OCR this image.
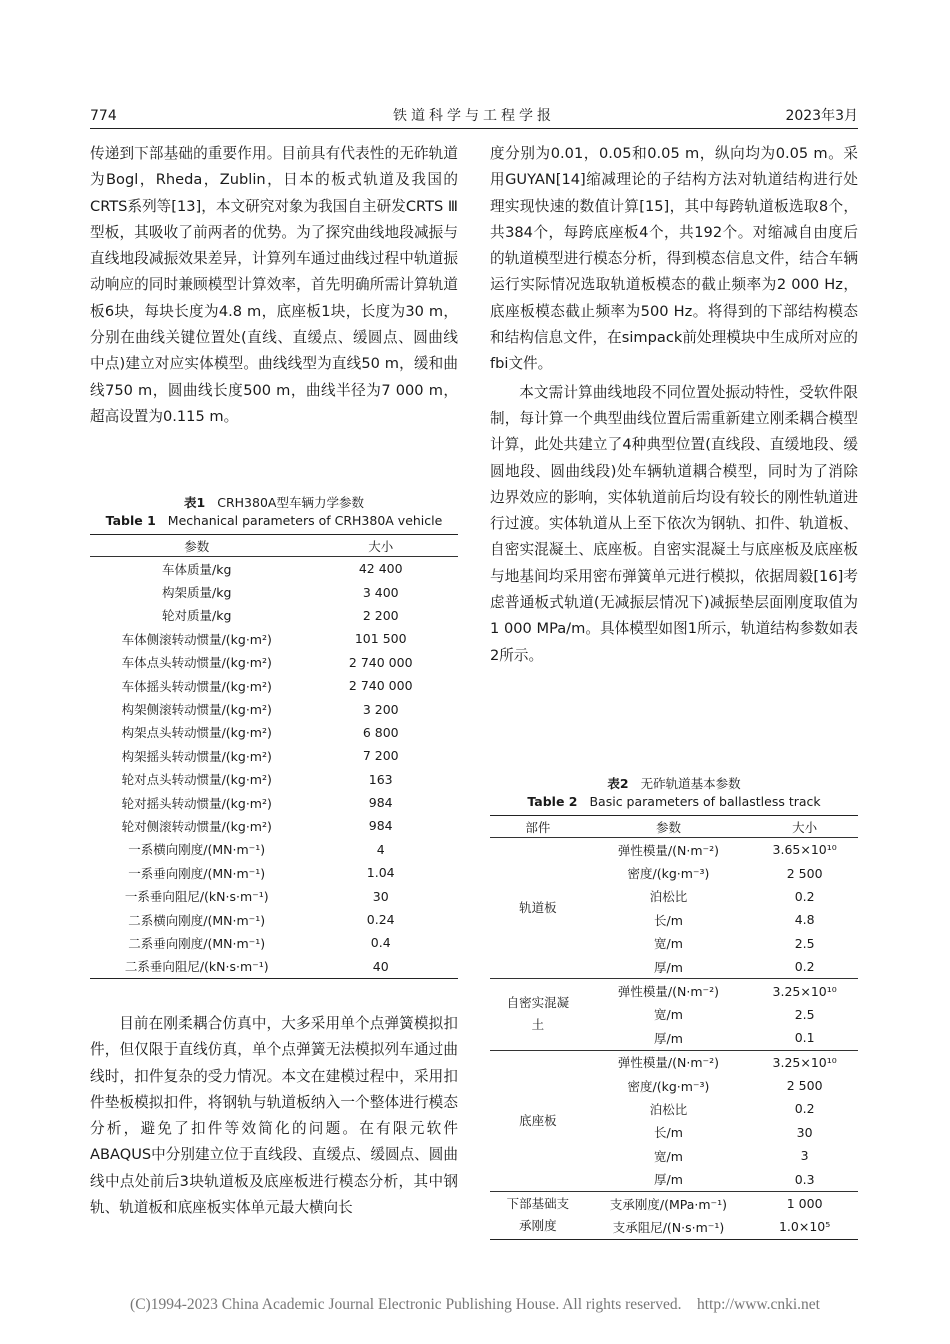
774	铁道科学与工程学报	2023年3月

传递到下部基础的重要作用。目前具有代表性的无砟轨道为Bogl，Rheda，Zublin，日本的板式轨道及我国的CRTS系列等[13]，本文研究对象为我国自主研发CRTS Ⅲ型板，其吸收了前两者的优势。为了探究曲线地段减振与直线地段减振效果差异，计算列车通过曲线过程中轨道振动响应的同时兼顾模型计算效率，首先明确所需计算轨道板6块，每块长度为4.8 m，底座板1块，长度为30 m，分别在曲线关键位置处(直线、直缓点、缓圆点、圆曲线中点)建立对应实体模型。曲线线型为直线50 m，缓和曲线750 m，圆曲线长度500 m，曲线半径为7 000 m，超高设置为0.115 m。

表1 CRH380A型车辆力学参数
Table 1 Mechanical parameters of CRH380A vehicle
参数	大小
车体质量/kg	42 400
构架质量/kg	3 400
轮对质量/kg	2 200
车体侧滚转动惯量/(kg·m²)	101 500
车体点头转动惯量/(kg·m²)	2 740 000
车体摇头转动惯量/(kg·m²)	2 740 000
构架侧滚转动惯量/(kg·m²)	3 200
构架点头转动惯量/(kg·m²)	6 800
构架摇头转动惯量/(kg·m²)	7 200
轮对点头转动惯量/(kg·m²)	163
轮对摇头转动惯量/(kg·m²)	984
轮对侧滚转动惯量/(kg·m²)	984
一系横向刚度/(MN·m⁻¹)	4
一系垂向刚度/(MN·m⁻¹)	1.04
一系垂向阻尼/(kN·s·m⁻¹)	30
二系横向刚度/(MN·m⁻¹)	0.24
二系垂向刚度/(MN·m⁻¹)	0.4
二系垂向阻尼/(kN·s·m⁻¹)	40

目前在刚柔耦合仿真中，大多采用单个点弹簧模拟扣件，但仅限于直线仿真，单个点弹簧无法模拟列车通过曲线时，扣件复杂的受力情况。本文在建模过程中，采用扣件垫板模拟扣件，将钢轨与轨道板纳入一个整体进行模态分析，避免了扣件等效简化的问题。在有限元软件ABAQUS中分别建立位于直线段、直缓点、缓圆点、圆曲线中点处前后3块轨道板及底座板进行模态分析，其中钢轨、轨道板和底座板实体单元最大横向长

度分别为0.01，0.05和0.05 m，纵向均为0.05 m。采用GUYAN[14]缩减理论的子结构方法对轨道结构进行处理实现快速的数值计算[15]，其中每跨轨道板选取8个，共384个，每跨底座板4个，共192个。对缩减自由度后的轨道模型进行模态分析，得到模态信息文件，结合车辆运行实际情况选取轨道板模态的截止频率为2 000 Hz，底座板模态截止频率为500 Hz。将得到的下部结构模态和结构信息文件，在simpack前处理模块中生成所对应的fbi文件。

本文需计算曲线地段不同位置处振动特性，受软件限制，每计算一个典型曲线位置后需重新建立刚柔耦合模型计算，此处共建立了4种典型位置(直线段、直缓地段、缓圆地段、圆曲线段)处车辆轨道耦合模型，同时为了消除边界效应的影响，实体轨道前后均设有较长的刚性轨道进行过渡。实体轨道从上至下依次为钢轨、扣件、轨道板、自密实混凝土、底座板。自密实混凝土与底座板及底座板与地基间均采用密布弹簧单元进行模拟，依据周毅[16]考虑普通板式轨道(无减振层情况下)减振垫层面刚度取值为1 000 MPa/m。具体模型如图1所示，轨道结构参数如表2所示。

表2 无砟轨道基本参数
Table 2 Basic parameters of ballastless track
部件	参数	大小
轨道板	弹性模量/(N·m⁻²)	3.65×10¹⁰
	密度/(kg·m⁻³)	2 500
	泊松比	0.2
	长/m	4.8
	宽/m	2.5
	厚/m	0.2
自密实混凝土	弹性模量/(N·m⁻²)	3.25×10¹⁰
	宽/m	2.5
	厚/m	0.1
底座板	弹性模量/(N·m⁻²)	3.25×10¹⁰
	密度/(kg·m⁻³)	2 500
	泊松比	0.2
	长/m	30
	宽/m	3
	厚/m	0.3
下部基础支承刚度	支承刚度/(MPa·m⁻¹)	1 000
	支承阻尼/(N·s·m⁻¹)	1.0×10⁵
(C)1994-2023 China Academic Journal Electronic Publishing House. All rights reserved. http://www.cnki.net
